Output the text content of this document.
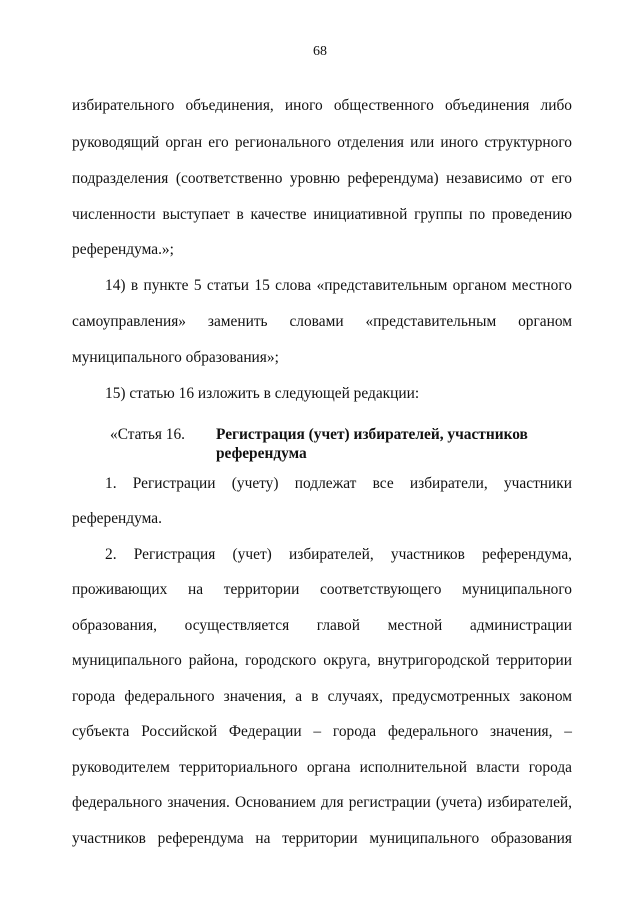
68
избирательного объединения, иного общественного объединения либо
руководящий орган его регионального отделения или иного структурного
подразделения (соответственно уровню референдума) независимо от его
численности выступает в качестве инициативной группы по проведению
референдума.»;
14) в пункте 5 статьи 15 слова «представительным органом местного
самоуправления» заменить словами «представительным органом
муниципального образования»;
15) статью 16 изложить в следующей редакции:
«Статья 16. Регистрация (учет) избирателей, участников
референдума
1. Регистрации (учету) подлежат все избиратели, участники
референдума.
2. Регистрация (учет) избирателей, участников референдума,
проживающих на территории соответствующего муниципального
образования, осуществляется главой местной администрации
муниципального района, городского округа, внутригородской территории
города федерального значения, а в случаях, предусмотренных законом
субъекта Российской Федерации – города федерального значения, –
руководителем территориального органа исполнительной власти города
федерального значения. Основанием для регистрации (учета) избирателей,
участников референдума на территории муниципального образования
